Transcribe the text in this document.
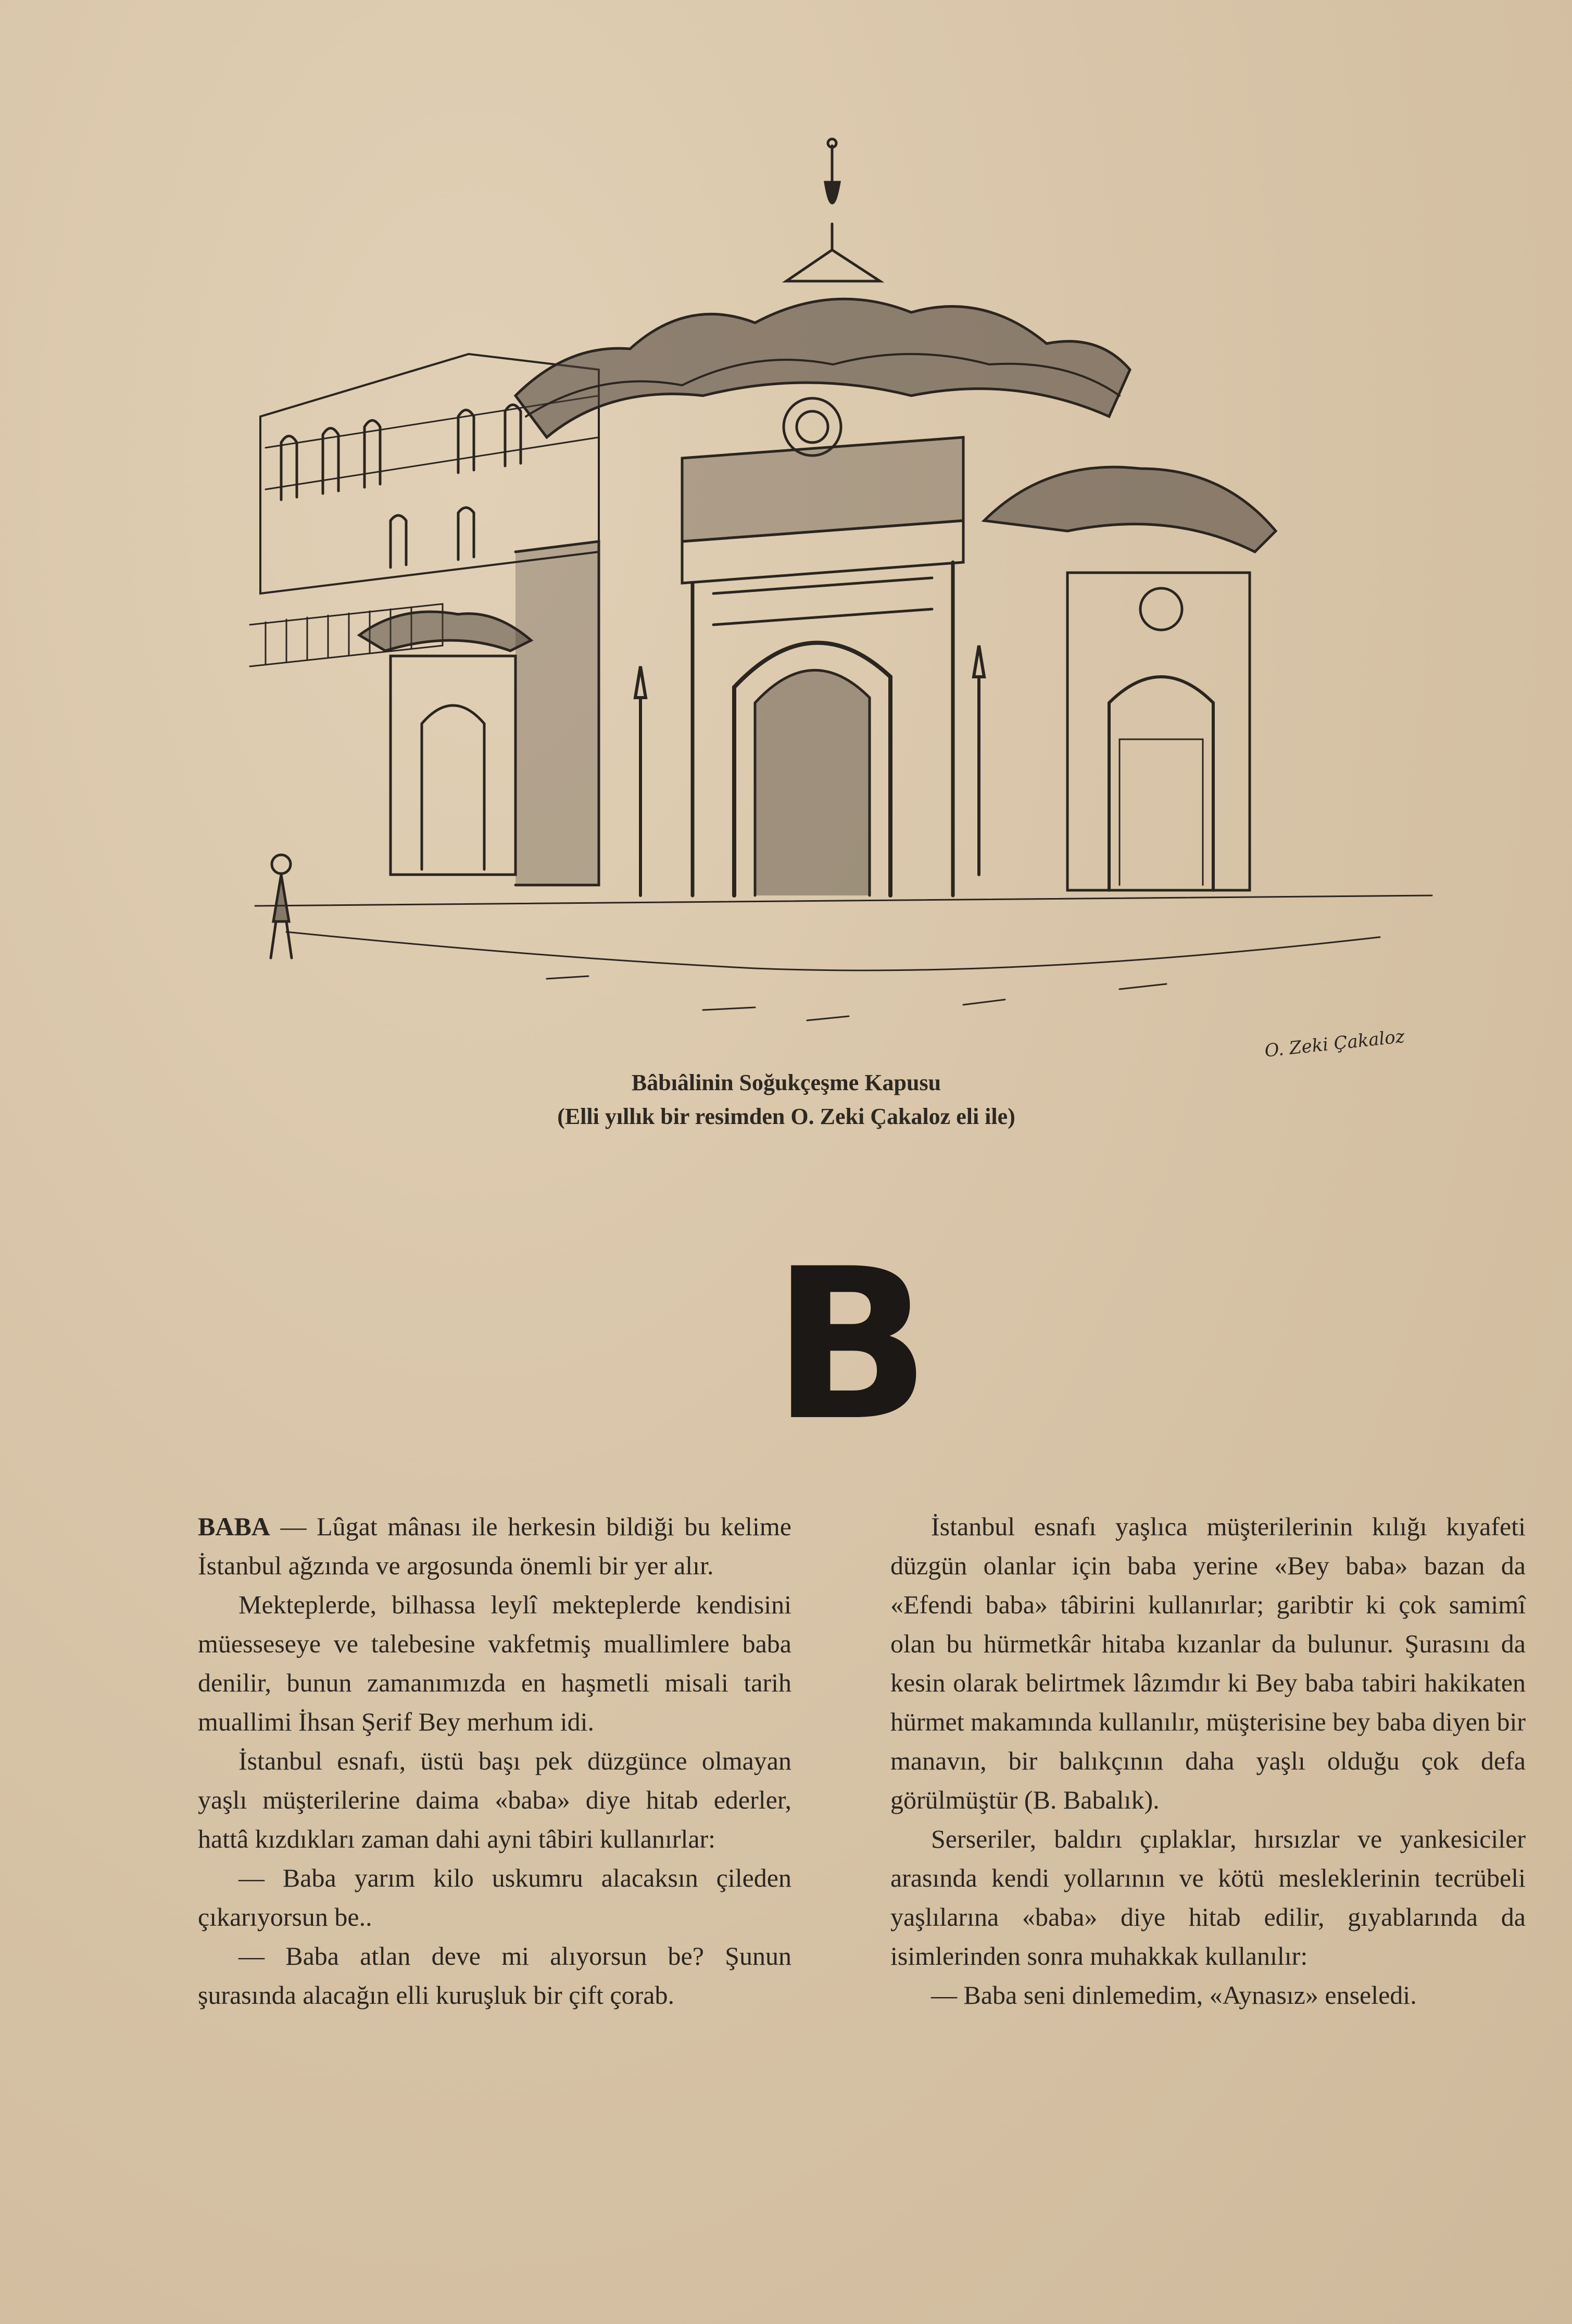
O. Zeki Çakaloz
Bâbıâlinin Soğukçeşme Kapusu
(Elli yıllık bir resimden O. Zeki Çakaloz eli ile)
B

BABA — Lûgat mânası ile herkesin bildiği bu kelime İstanbul ağzında ve argosunda önemli bir yer alır.

Mekteplerde, bilhassa leylî mekteplerde kendisini müesseseye ve talebesine vakfetmiş muallimlere baba denilir, bunun zamanımızda en haşmetli misali tarih muallimi İhsan Şerif Bey merhum idi.

İstanbul esnafı, üstü başı pek düzgünce olmayan yaşlı müşterilerine daima «baba» diye hitab ederler, hattâ kızdıkları zaman dahi ayni tâbiri kullanırlar:

— Baba yarım kilo uskumru alacaksın çileden çıkarıyorsun be..

— Baba atlan deve mi alıyorsun be? Şunun şurasında alacağın elli kuruşluk bir çift çorab.

İstanbul esnafı yaşlıca müşterilerinin kılığı kıyafeti düzgün olanlar için baba yerine «Bey baba» bazan da «Efendi baba» tâbirini kullanırlar; garibtir ki çok samimî olan bu hürmetkâr hitaba kızanlar da bulunur. Şurasını da kesin olarak belirtmek lâzımdır ki Bey baba tabiri hakikaten hürmet makamında kullanılır, müşterisine bey baba diyen bir manavın, bir balıkçının daha yaşlı olduğu çok defa görülmüştür (B. Babalık).

Serseriler, baldırı çıplaklar, hırsızlar ve yankesiciler arasında kendi yollarının ve kötü mesleklerinin tecrübeli yaşlılarına «baba» diye hitab edilir, gıyablarında da isimlerinden sonra muhakkak kullanılır:

— Baba seni dinlemedim, «Aynasız» enseledi.
